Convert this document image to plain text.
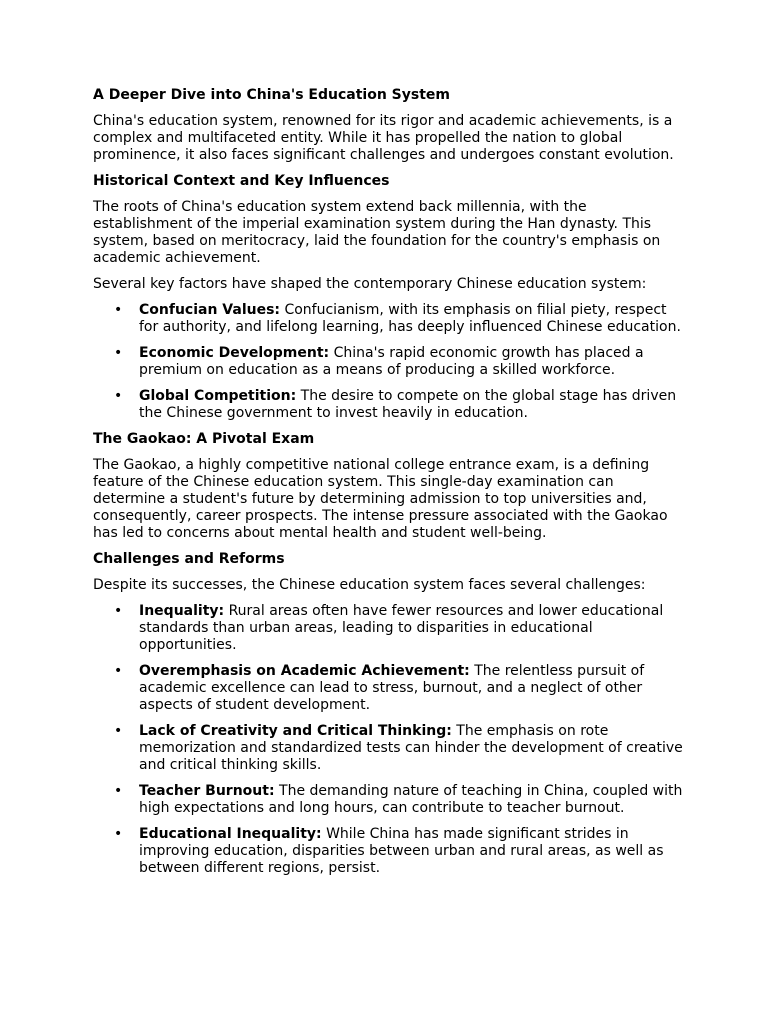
A Deeper Dive into China's Education System

China's education system, renowned for its rigor and academic achievements, is a complex and multifaceted entity. While it has propelled the nation to global prominence, it also faces significant challenges and undergoes constant evolution.

Historical Context and Key Influences

The roots of China's education system extend back millennia, with the establishment of the imperial examination system during the Han dynasty. This system, based on meritocracy, laid the foundation for the country's emphasis on academic achievement.

Several key factors have shaped the contemporary Chinese education system:

• Confucian Values: Confucianism, with its emphasis on filial piety, respect for authority, and lifelong learning, has deeply influenced Chinese education.
• Economic Development: China's rapid economic growth has placed a premium on education as a means of producing a skilled workforce.
• Global Competition: The desire to compete on the global stage has driven the Chinese government to invest heavily in education.
The Gaokao: A Pivotal Exam

The Gaokao, a highly competitive national college entrance exam, is a defining feature of the Chinese education system. This single-day examination can determine a student's future by determining admission to top universities and, consequently, career prospects. The intense pressure associated with the Gaokao has led to concerns about mental health and student well-being.

Challenges and Reforms

Despite its successes, the Chinese education system faces several challenges:

• Inequality: Rural areas often have fewer resources and lower educational standards than urban areas, leading to disparities in educational opportunities.
• Overemphasis on Academic Achievement: The relentless pursuit of academic excellence can lead to stress, burnout, and a neglect of other aspects of student development.
• Lack of Creativity and Critical Thinking: The emphasis on rote memorization and standardized tests can hinder the development of creative and critical thinking skills.
• Teacher Burnout: The demanding nature of teaching in China, coupled with high expectations and long hours, can contribute to teacher burnout.
• Educational Inequality: While China has made significant strides in improving education, disparities between urban and rural areas, as well as between different regions, persist.
